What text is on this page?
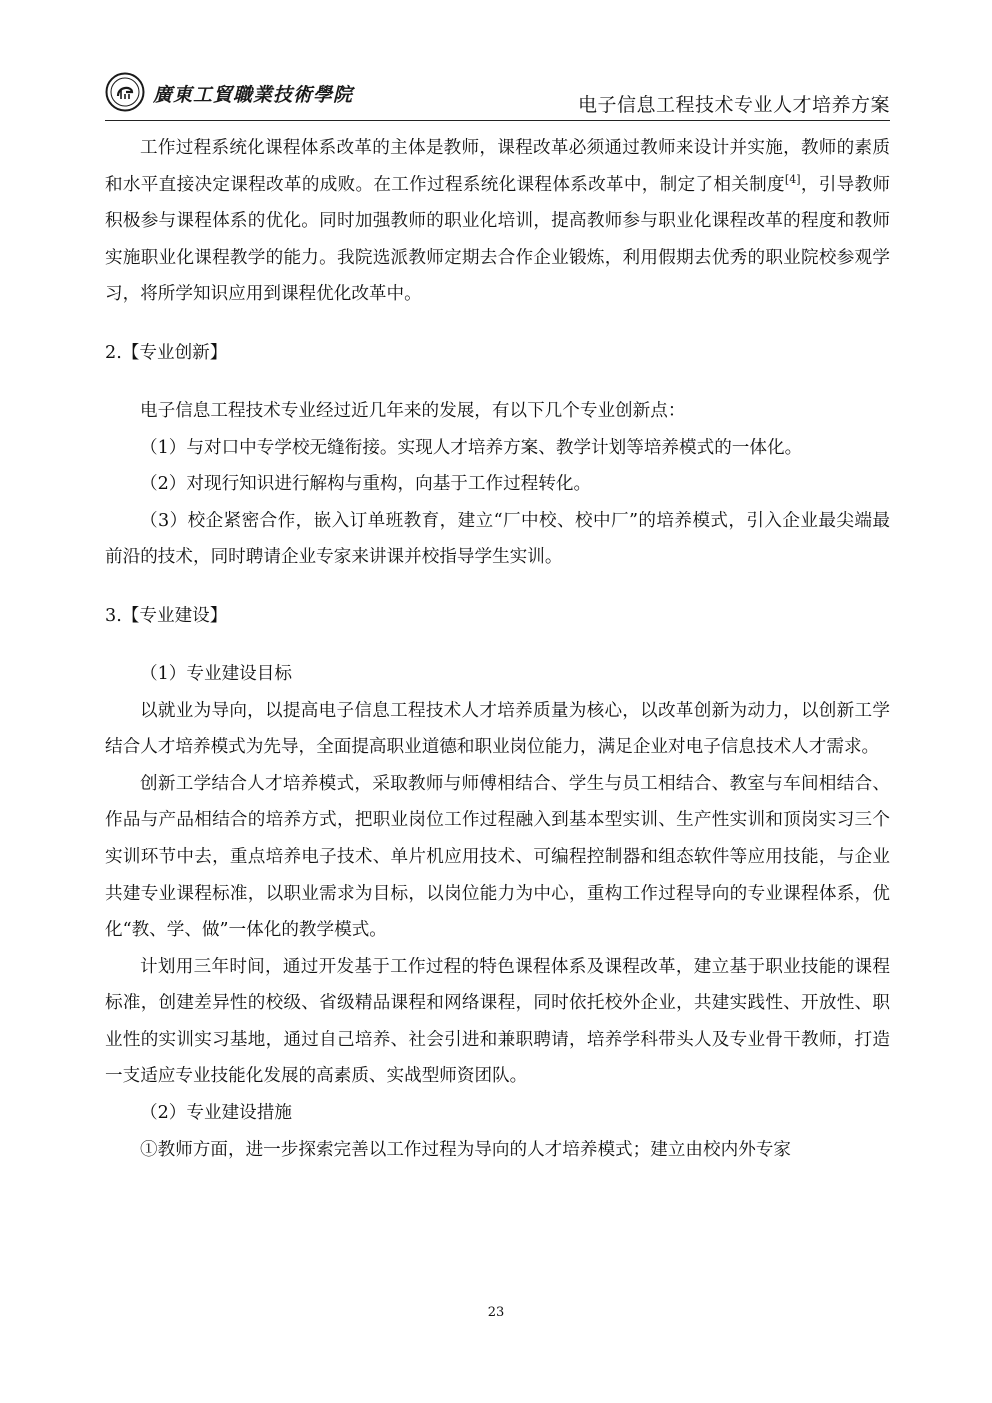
廣東工貿職業技術學院	电子信息工程技术专业人才培养方案

工作过程系统化课程体系改革的主体是教师，课程改革必须通过教师来设计并实施，教师的素质和水平直接决定课程改革的成败。在工作过程系统化课程体系改革中，制定了相关制度[4]，引导教师积极参与课程体系的优化。同时加强教师的职业化培训，提高教师参与职业化课程改革的程度和教师实施职业化课程教学的能力。我院选派教师定期去合作企业锻炼，利用假期去优秀的职业院校参观学习，将所学知识应用到课程优化改革中。

2.【专业创新】

电子信息工程技术专业经过近几年来的发展，有以下几个专业创新点：

（1）与对口中专学校无缝衔接。实现人才培养方案、教学计划等培养模式的一体化。

（2）对现行知识进行解构与重构，向基于工作过程转化。

（3）校企紧密合作，嵌入订单班教育，建立“厂中校、校中厂”的培养模式，引入企业最尖端最前沿的技术，同时聘请企业专家来讲课并校指导学生实训。

3.【专业建设】

（1）专业建设目标

以就业为导向，以提高电子信息工程技术人才培养质量为核心，以改革创新为动力，以创新工学结合人才培养模式为先导，全面提高职业道德和职业岗位能力，满足企业对电子信息技术人才需求。

创新工学结合人才培养模式，采取教师与师傅相结合、学生与员工相结合、教室与车间相结合、作品与产品相结合的培养方式，把职业岗位工作过程融入到基本型实训、生产性实训和顶岗实习三个实训环节中去，重点培养电子技术、单片机应用技术、可编程控制器和组态软件等应用技能，与企业共建专业课程标准，以职业需求为目标，以岗位能力为中心，重构工作过程导向的专业课程体系，优化“教、学、做”一体化的教学模式。

计划用三年时间，通过开发基于工作过程的特色课程体系及课程改革，建立基于职业技能的课程标准，创建差异性的校级、省级精品课程和网络课程，同时依托校外企业，共建实践性、开放性、职业性的实训实习基地，通过自己培养、社会引进和兼职聘请，培养学科带头人及专业骨干教师，打造一支适应专业技能化发展的高素质、实战型师资团队。

（2）专业建设措施

①教师方面，进一步探索完善以工作过程为导向的人才培养模式；建立由校内外专家

23
